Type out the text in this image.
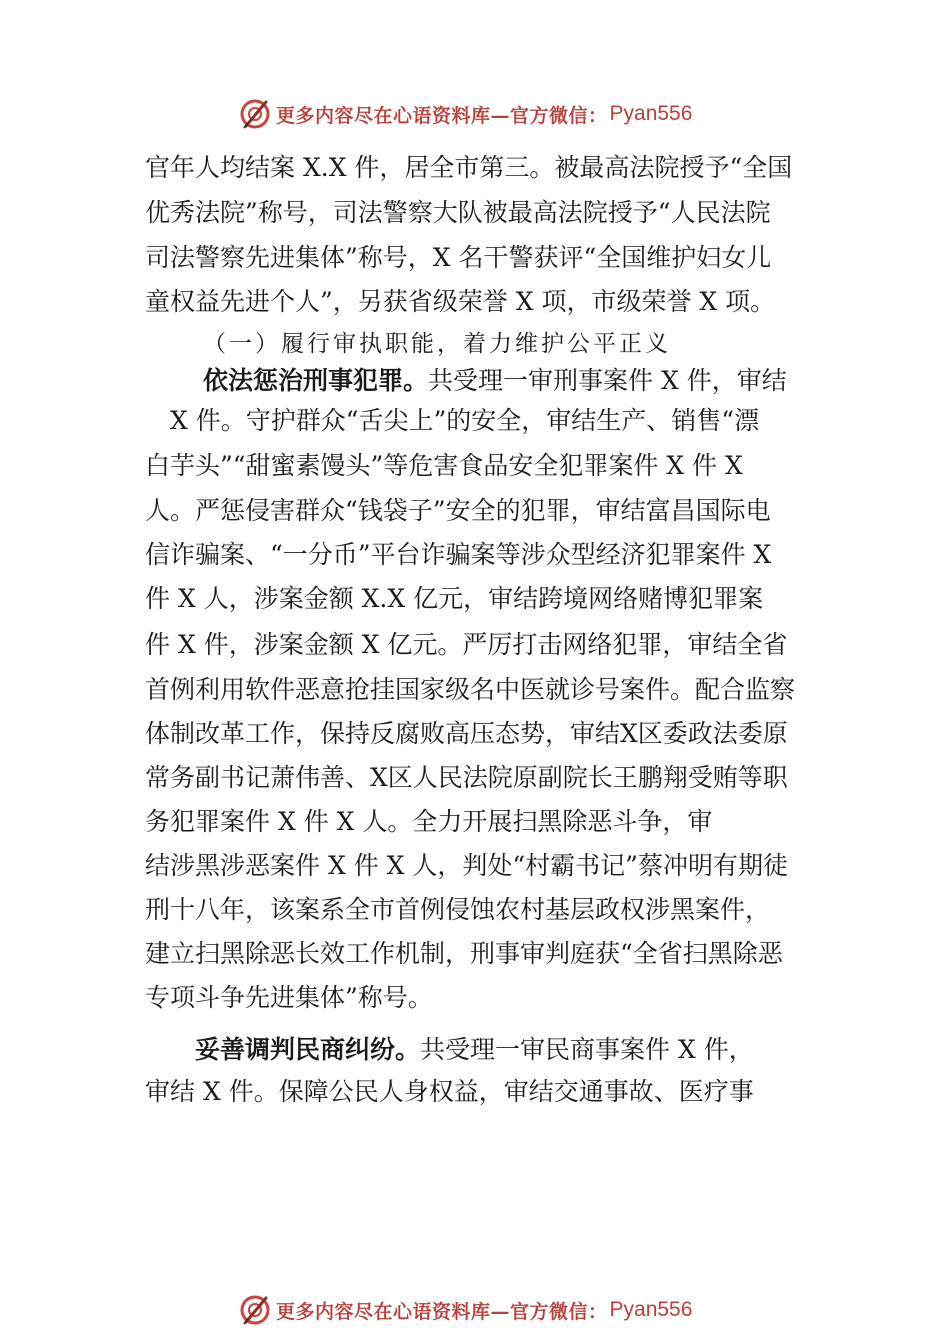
更多内容尽在心语资料库—官方微信： Pyan556
官年人均结案 X.X 件，居全市第三。被最高法院授予“全国
优秀法院”称号，司法警察大队被最高法院授予“人民法院
司法警察先进集体”称号，X 名干警获评“全国维护妇女儿
童权益先进个人”，另获省级荣誉 X 项，市级荣誉 X 项。
（一）履行审执职能，着力维护公平正义
依法惩治刑事犯罪。共受理一审刑事案件 X 件，审结
X 件。守护群众“舌尖上”的安全，审结生产、销售“漂
白芋头”“甜蜜素馒头”等危害食品安全犯罪案件 X 件 X
人。严惩侵害群众“钱袋子”安全的犯罪，审结富昌国际电
信诈骗案、“一分币”平台诈骗案等涉众型经济犯罪案件 X
件 X 人，涉案金额 X.X 亿元，审结跨境网络赌博犯罪案
件 X 件，涉案金额 X 亿元。严厉打击网络犯罪，审结全省
首例利用软件恶意抢挂国家级名中医就诊号案件。配合监察
体制改革工作，保持反腐败高压态势，审结X区委政法委原
常务副书记萧伟善、X区人民法院原副院长王鹏翔受贿等职
务犯罪案件 X 件 X 人。全力开展扫黑除恶斗争，审
结涉黑涉恶案件 X 件 X 人，判处“村霸书记”蔡冲明有期徒
刑十八年，该案系全市首例侵蚀农村基层政权涉黑案件，
建立扫黑除恶长效工作机制，刑事审判庭获“全省扫黑除恶
专项斗争先进集体”称号。
妥善调判民商纠纷。共受理一审民商事案件 X 件，
审结 X 件。保障公民人身权益，审结交通事故、医疗事
更多内容尽在心语资料库—官方微信： Pyan556
